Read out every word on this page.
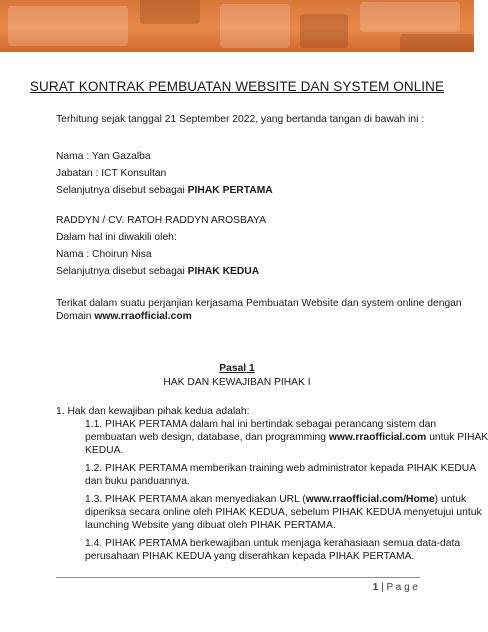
SURAT KONTRAK PEMBUATAN WEBSITE DAN SYSTEM ONLINE
Terhitung sejak tanggal 21 September 2022, yang bertanda tangan di bawah ini :
Nama : Yan Gazalba
Jabatan : ICT Konsultan
Selanjutnya disebut sebagai PIHAK PERTAMA
RADDYN / CV. RATOH RADDYN AROSBAYA
Dalam hal ini diwakili oleh:
Nama : Choirun Nisa
Selanjutnya disebut sebagai PIHAK KEDUA
Terikat dalam suatu perjanjian kerjasama Pembuatan Website dan system online dengan
Domain www.rraofficial.com
Pasal 1
HAK DAN KEWAJIBAN PIHAK I
1. Hak dan kewajiban pihak kedua adalah:
1.1. PIHAK PERTAMA dalam hal ini bertindak sebagai perancang sistem dan
pembuatan web design, database, dan programming www.rraofficial.com untuk PIHAK
KEDUA.
1.2. PIHAK PERTAMA memberikan training web administrator kepada PIHAK KEDUA
dan buku panduannya.
1.3. PIHAK PERTAMA akan menyediakan URL (www.rraofficial.com/Home) untuk
diperiksa secara online oleh PIHAK KEDUA, sebelum PIHAK KEDUA menyetujui untuk
launching Website yang dibuat oleh PIHAK PERTAMA.
1.4. PIHAK PERTAMA berkewajiban untuk menjaga kerahasiaan semua data-data
perusahaan PIHAK KEDUA yang diserahkan kepada PIHAK PERTAMA.
1 | P a g e
